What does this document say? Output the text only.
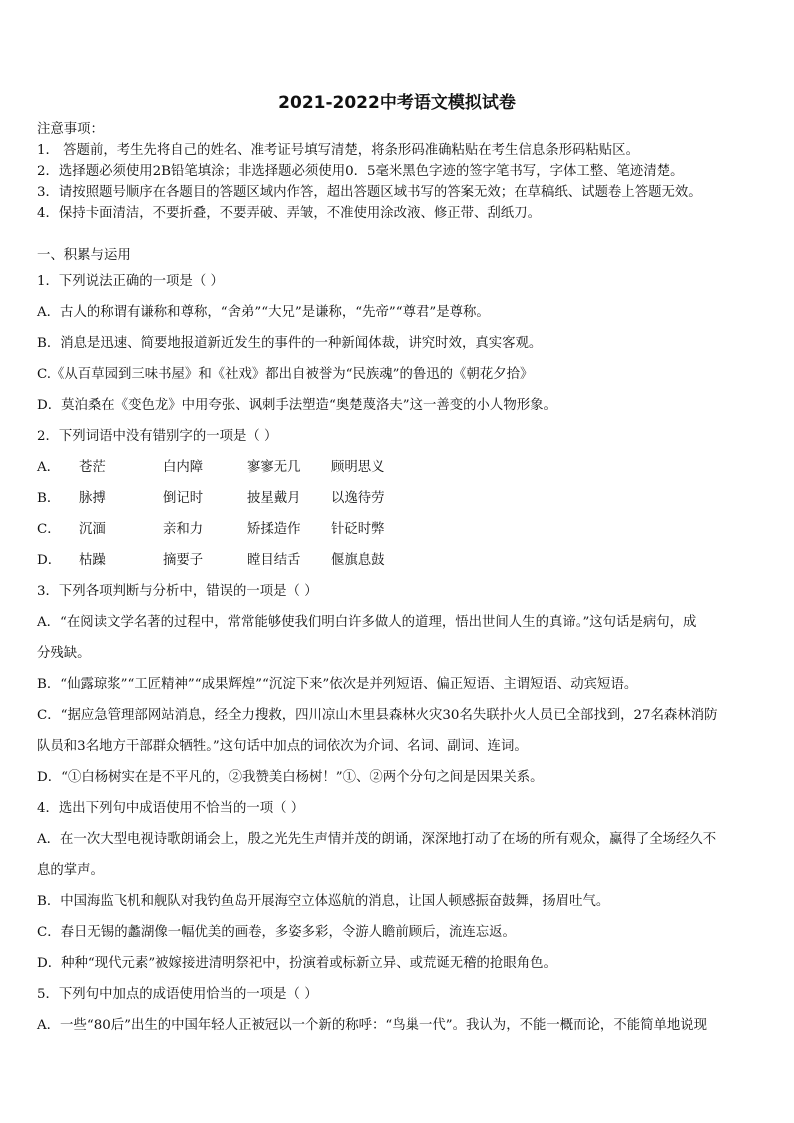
2021-2022中考语文模拟试卷
注意事项：
1． 答题前，考生先将自己的姓名、准考证号填写清楚，将条形码准确粘贴在考生信息条形码粘贴区。
2．选择题必须使用2B铅笔填涂；非选择题必须使用0．5毫米黑色字迹的签字笔书写，字体工整、笔迹清楚。
3．请按照题号顺序在各题目的答题区域内作答，超出答题区域书写的答案无效；在草稿纸、试题卷上答题无效。
4．保持卡面清洁，不要折叠，不要弄破、弄皱，不准使用涂改液、修正带、刮纸刀。
一、积累与运用
1．下列说法正确的一项是（ ）
A．古人的称谓有谦称和尊称，“舍弟”“大兄”是谦称，“先帝”“尊君”是尊称。
B．消息是迅速、简要地报道新近发生的事件的一种新闻体裁，讲究时效，真实客观。
C.《从百草园到三味书屋》和《社戏》都出自被誉为“民族魂”的鲁迅的《朝花夕拾》
D．莫泊桑在《变色龙》中用夸张、讽刺手法塑造“奥楚蔑洛夫”这一善变的小人物形象。
2．下列词语中没有错别字的一项是（ ）
A． 苍茫	白内障	寥寥无几 顾明思义
B． 脉搏	倒记时	披星戴月 以逸待劳
C． 沉湎	亲和力	矫揉造作 针砭时弊
D． 枯躁	摘要子	瞠目结舌 偃旗息鼓
3．下列各项判断与分析中，错误的一项是（ ）
A．“在阅读文学名著的过程中，常常能够使我们明白许多做人的道理，悟出世间人生的真谛。”这句话是病句，成
分残缺。
B．“仙露琼浆”“工匠精神”“成果辉煌”“沉淀下来”依次是并列短语、偏正短语、主谓短语、动宾短语。
C．“据应急管理部网站消息，经全力搜救，四川凉山木里县森林火灾30名失联扑火人员已全部找到，27名森林消防
队员和3名地方干部群众牺牲。”这句话中加点的词依次为介词、名词、副词、连词。
D．“①白杨树实在是不平凡的，②我赞美白杨树！”①、②两个分句之间是因果关系。
4．选出下列句中成语使用不恰当的一项（ ）
A．在一次大型电视诗歌朗诵会上，殷之光先生声情并茂的朗诵，深深地打动了在场的所有观众，赢得了全场经久不
息的掌声。
B．中国海监飞机和舰队对我钓鱼岛开展海空立体巡航的消息，让国人顿感振奋鼓舞，扬眉吐气。
C．春日无锡的蠡湖像一幅优美的画卷，多姿多彩，令游人瞻前顾后，流连忘返。
D．种种“现代元素”被嫁接进清明祭祀中，扮演着或标新立异、或荒诞无稽的抢眼角色。
5．下列句中加点的成语使用恰当的一项是（ ）
A．一些“80后”出生的中国年轻人正被冠以一个新的称呼：“鸟巢一代”。我认为，不能一概而论，不能简单地说现
